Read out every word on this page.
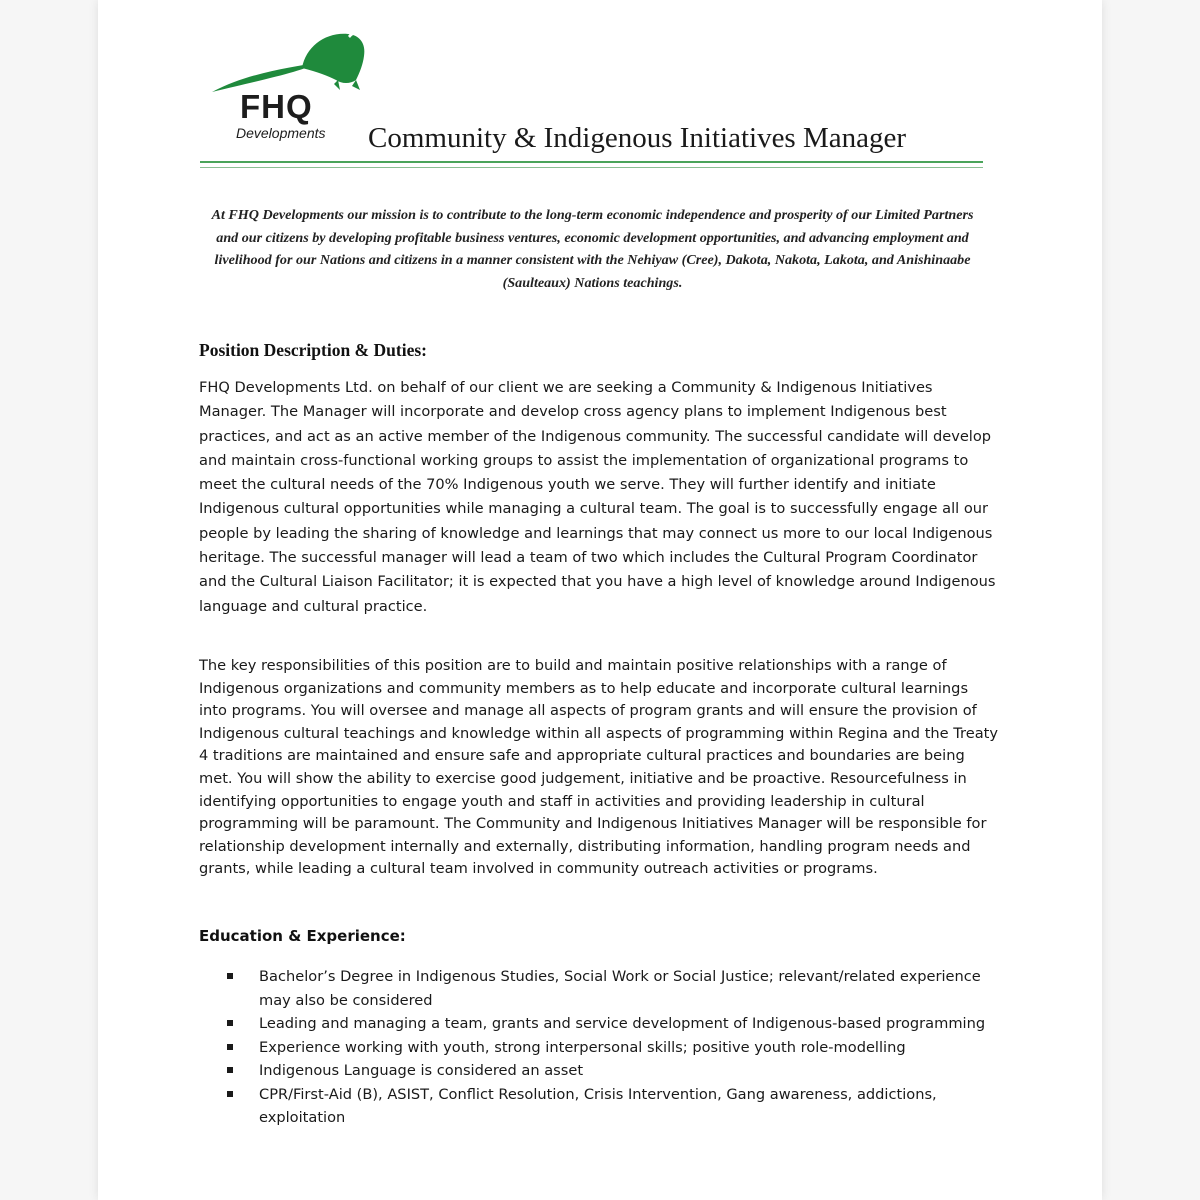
FHQ
Developments Community & Indigenous Initiatives Manager

At FHQ Developments our mission is to contribute to the long-term economic independence and prosperity of our Limited Partners and our citizens by developing profitable business ventures, economic development opportunities, and advancing employment and livelihood for our Nations and citizens in a manner consistent with the Nehiyaw (Cree), Dakota, Nakota, Lakota, and Anishinaabe (Saulteaux) Nations teachings.

Position Description & Duties:

FHQ Developments Ltd. on behalf of our client we are seeking a Community & Indigenous Initiatives Manager. The Manager will incorporate and develop cross agency plans to implement Indigenous best practices, and act as an active member of the Indigenous community. The successful candidate will develop and maintain cross-functional working groups to assist the implementation of organizational programs to meet the cultural needs of the 70% Indigenous youth we serve. They will further identify and initiate Indigenous cultural opportunities while managing a cultural team. The goal is to successfully engage all our people by leading the sharing of knowledge and learnings that may connect us more to our local Indigenous heritage. The successful manager will lead a team of two which includes the Cultural Program Coordinator and the Cultural Liaison Facilitator; it is expected that you have a high level of knowledge around Indigenous language and cultural practice.

The key responsibilities of this position are to build and maintain positive relationships with a range of Indigenous organizations and community members as to help educate and incorporate cultural learnings into programs. You will oversee and manage all aspects of program grants and will ensure the provision of Indigenous cultural teachings and knowledge within all aspects of programming within Regina and the Treaty 4 traditions are maintained and ensure safe and appropriate cultural practices and boundaries are being met. You will show the ability to exercise good judgement, initiative and be proactive. Resourcefulness in identifying opportunities to engage youth and staff in activities and providing leadership in cultural programming will be paramount. The Community and Indigenous Initiatives Manager will be responsible for relationship development internally and externally, distributing information, handling program needs and grants, while leading a cultural team involved in community outreach activities or programs.

Education & Experience:
Bachelor’s Degree in Indigenous Studies, Social Work or Social Justice; relevant/related experience may also be considered
Leading and managing a team, grants and service development of Indigenous-based programming
Experience working with youth, strong interpersonal skills; positive youth role-modelling
Indigenous Language is considered an asset
CPR/First-Aid (B), ASIST, Conflict Resolution, Crisis Intervention, Gang awareness, addictions, exploitation
